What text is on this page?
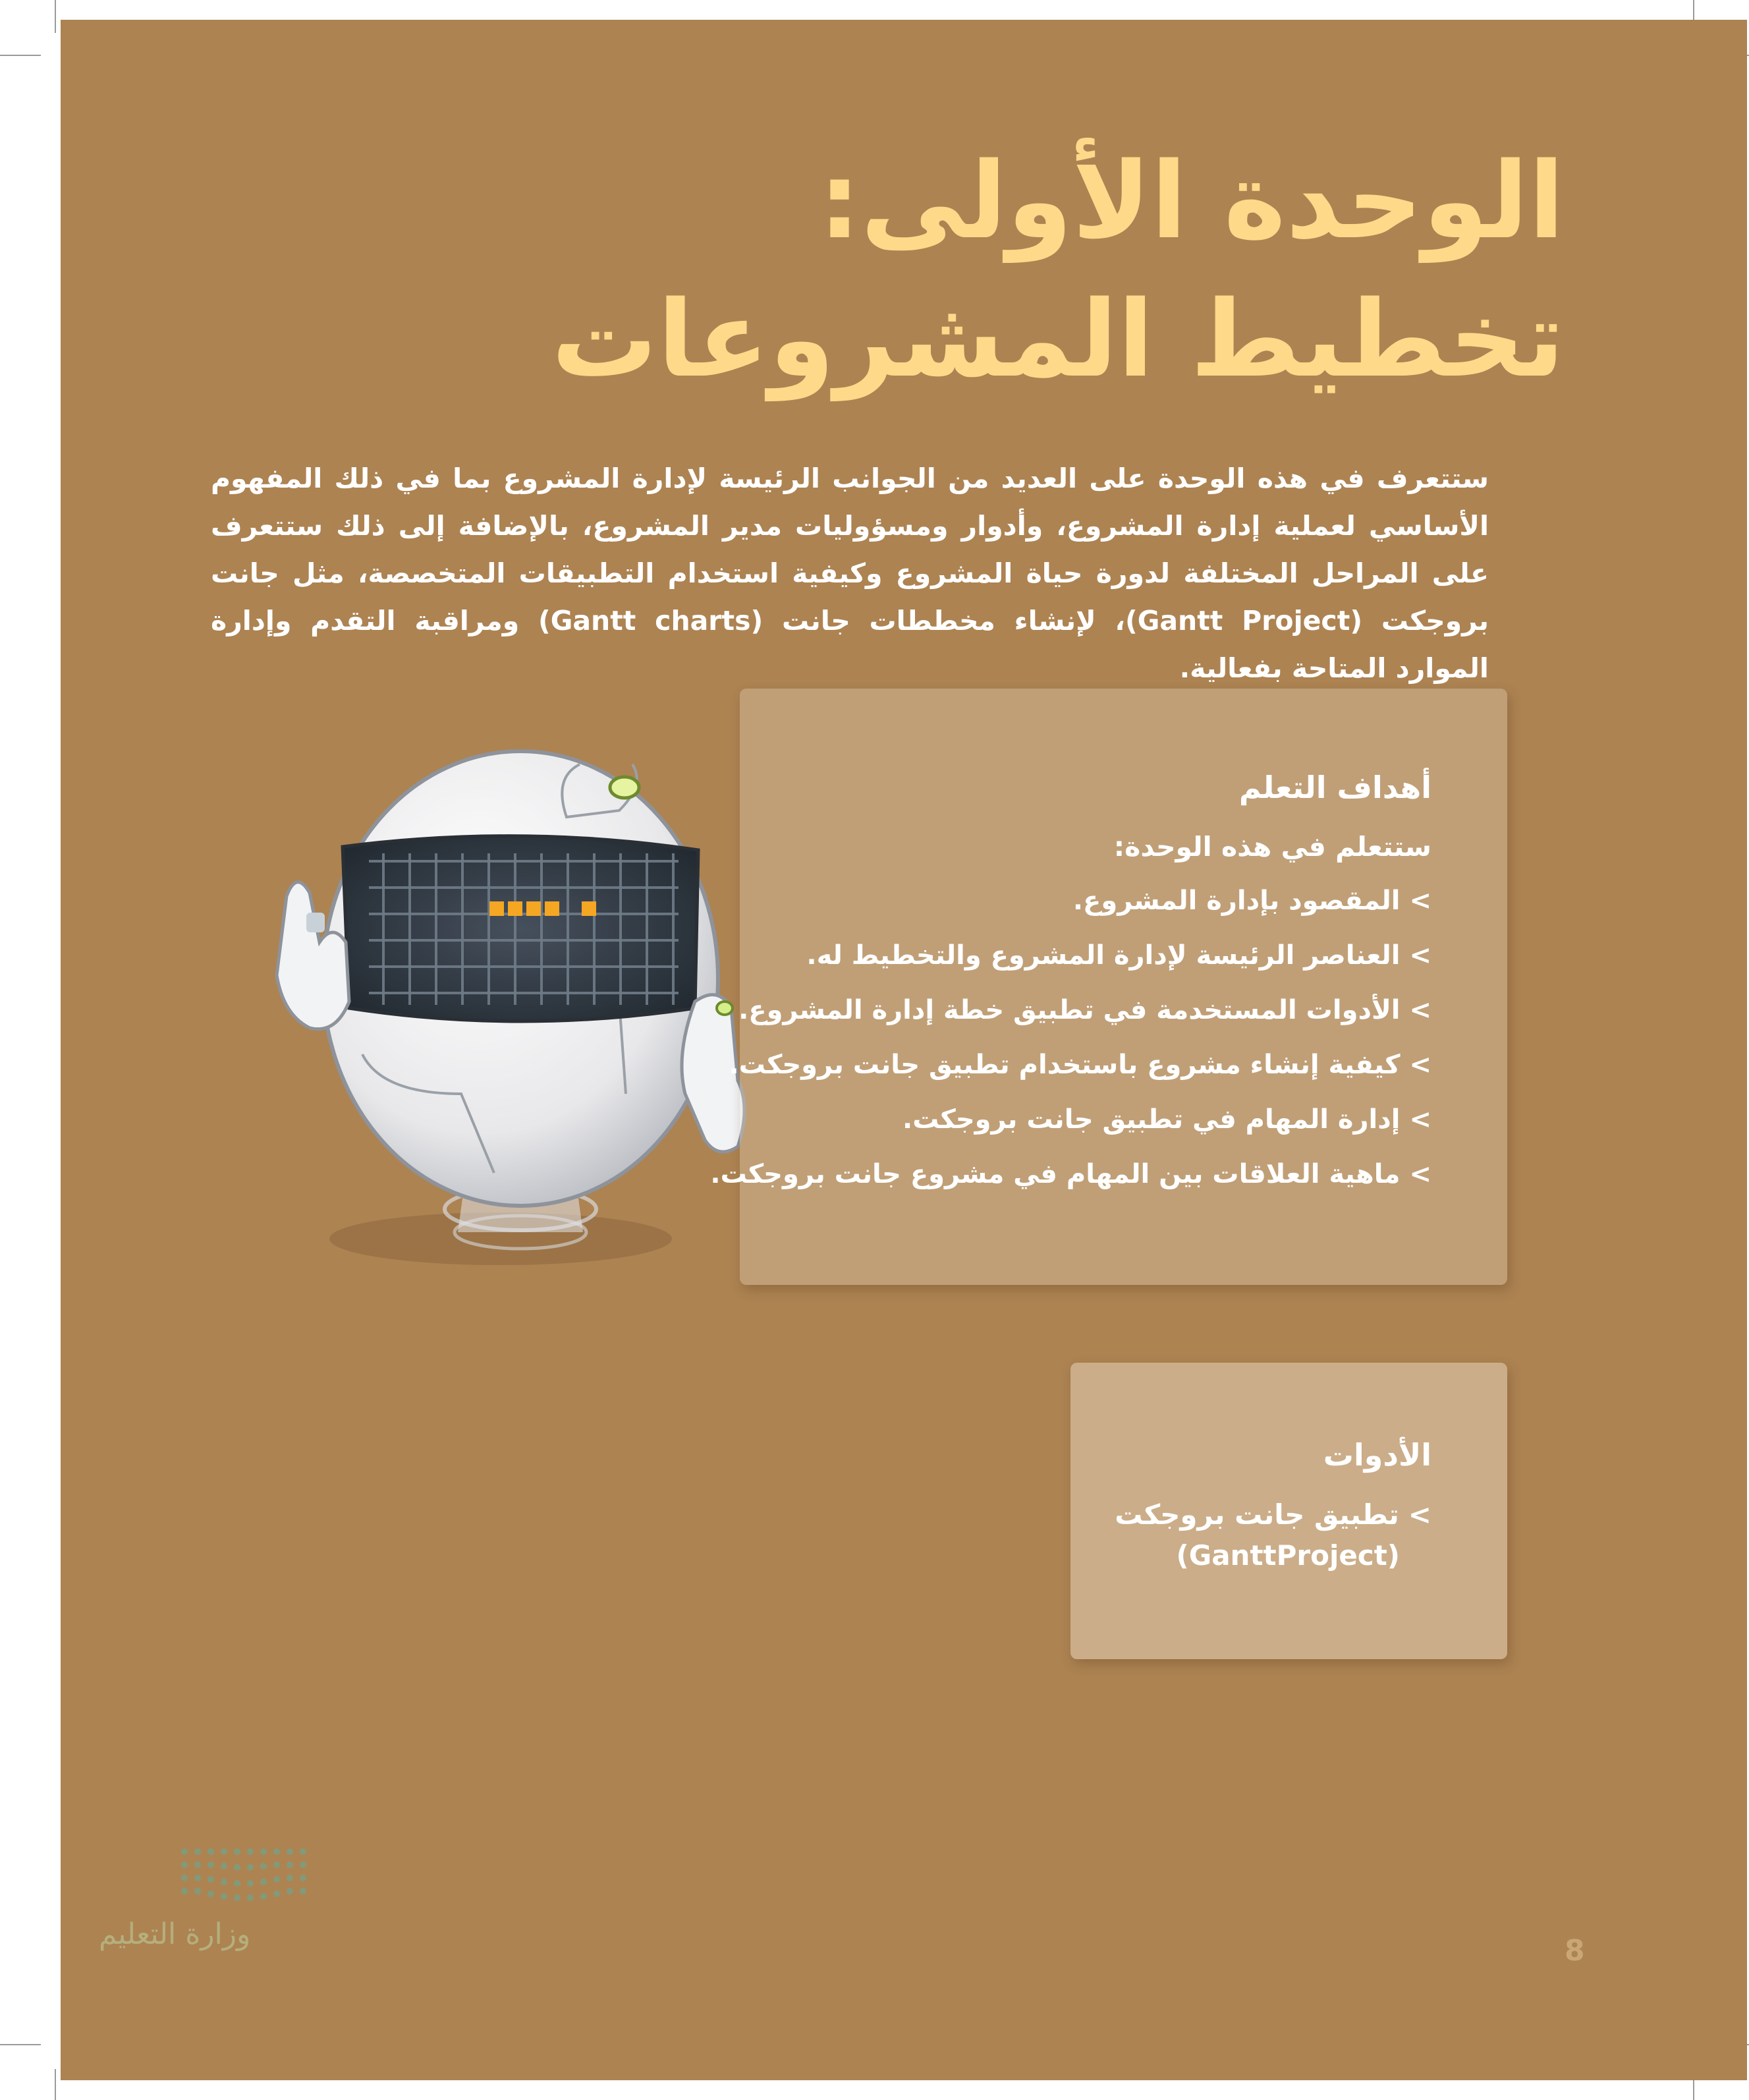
الوحدة الأولى:
تخطيط المشروعات

ستتعرف في هذه الوحدة على العديد من الجوانب الرئيسة لإدارة المشروع بما في ذلك المفهوم الأساسي لعملية إدارة المشروع، وأدوار ومسؤوليات مدير المشروع، بالإضافة إلى ذلك ستتعرف على المراحل المختلفة لدورة حياة المشروع وكيفية استخدام التطبيقات المتخصصة، مثل جانت بروجكت (Gantt Project)، لإنشاء مخططات جانت (Gantt charts) ومراقبة التقدم وإدارة الموارد المتاحة بفعالية.

أهداف التعلم

ستتعلم في هذه الوحدة:

>المقصود بإدارة المشروع.
>العناصر الرئيسة لإدارة المشروع والتخطيط له.
>الأدوات المستخدمة في تطبيق خطة إدارة المشروع.
>كيفية إنشاء مشروع باستخدام تطبيق جانت بروجكت.
>إدارة المهام في تطبيق جانت بروجكت.
>ماهية العلاقات بين المهام في مشروع جانت بروجكت.

الأدوات

>تطبيق جانت بروجكت

(GanttProject)

وزارة التعليم	8
